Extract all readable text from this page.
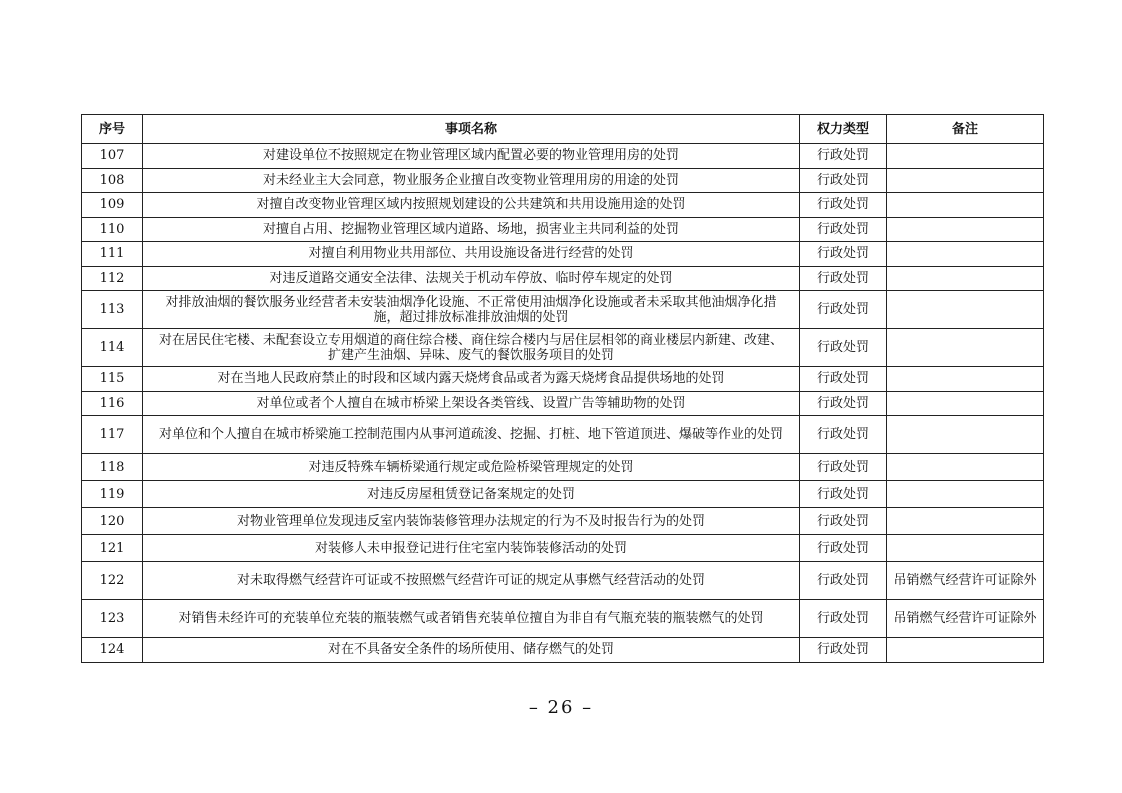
序号	事项名称	权力类型	备注
107	对建设单位不按照规定在物业管理区域内配置必要的物业管理用房的处罚	行政处罚	
108	对未经业主大会同意，物业服务企业擅自改变物业管理用房的用途的处罚	行政处罚	
109	对擅自改变物业管理区域内按照规划建设的公共建筑和共用设施用途的处罚	行政处罚	
110	对擅自占用、挖掘物业管理区域内道路、场地，损害业主共同利益的处罚	行政处罚	
111	对擅自利用物业共用部位、共用设施设备进行经营的处罚	行政处罚	
112	对违反道路交通安全法律、法规关于机动车停放、临时停车规定的处罚	行政处罚	
113	对排放油烟的餐饮服务业经营者未安装油烟净化设施、不正常使用油烟净化设施或者未采取其他油烟净化措施，超过排放标准排放油烟的处罚	行政处罚	
114	对在居民住宅楼、未配套设立专用烟道的商住综合楼、商住综合楼内与居住层相邻的商业楼层内新建、改建、扩建产生油烟、异味、废气的餐饮服务项目的处罚	行政处罚	
115	对在当地人民政府禁止的时段和区域内露天烧烤食品或者为露天烧烤食品提供场地的处罚	行政处罚	
116	对单位或者个人擅自在城市桥梁上架设各类管线、设置广告等辅助物的处罚	行政处罚	
117	对单位和个人擅自在城市桥梁施工控制范围内从事河道疏浚、挖掘、打桩、地下管道顶进、爆破等作业的处罚	行政处罚	
118	对违反特殊车辆桥梁通行规定或危险桥梁管理规定的处罚	行政处罚	
119	对违反房屋租赁登记备案规定的处罚	行政处罚	
120	对物业管理单位发现违反室内装饰装修管理办法规定的行为不及时报告行为的处罚	行政处罚	
121	对装修人未申报登记进行住宅室内装饰装修活动的处罚	行政处罚	
122	对未取得燃气经营许可证或不按照燃气经营许可证的规定从事燃气经营活动的处罚	行政处罚	吊销燃气经营许可证除外
123	对销售未经许可的充装单位充装的瓶装燃气或者销售充装单位擅自为非自有气瓶充装的瓶装燃气的处罚	行政处罚	吊销燃气经营许可证除外
124	对在不具备安全条件的场所使用、储存燃气的处罚	行政处罚	
– 26 –
